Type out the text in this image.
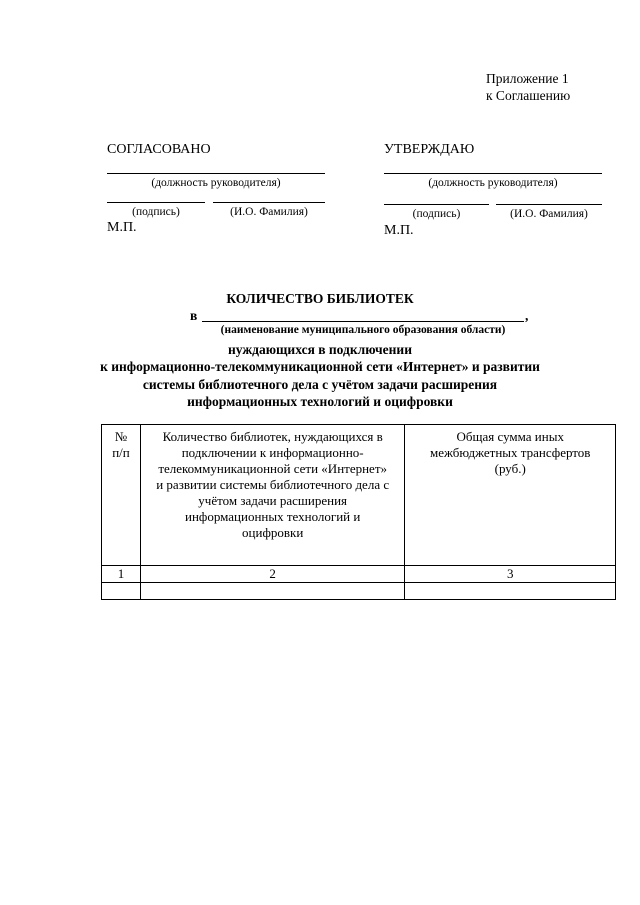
Приложение 1
к Соглашению
СОГЛАСОВАНО
(должность руководителя)
(подпись)	(И.О. Фамилия)
М.П.
УТВЕРЖДАЮ
(должность руководителя)
(подпись)	(И.О. Фамилия)
М.П.
КОЛИЧЕСТВО БИБЛИОТЕК
в	,
(наименование муниципального образования области)
нуждающихся в подключении
к информационно-телекоммуникационной сети «Интернет» и развитии
системы библиотечного дела с учётом задачи расширения
информационных технологий и оцифровки
№
п/п	Количество библиотек, нуждающихся в подключении к информационно-телекоммуникационной сети «Интернет» и развитии системы библиотечного дела с учётом задачи расширения информационных технологий и оцифровки	Общая сумма иных межбюджетных трансфертов (руб.)
1	2	3
